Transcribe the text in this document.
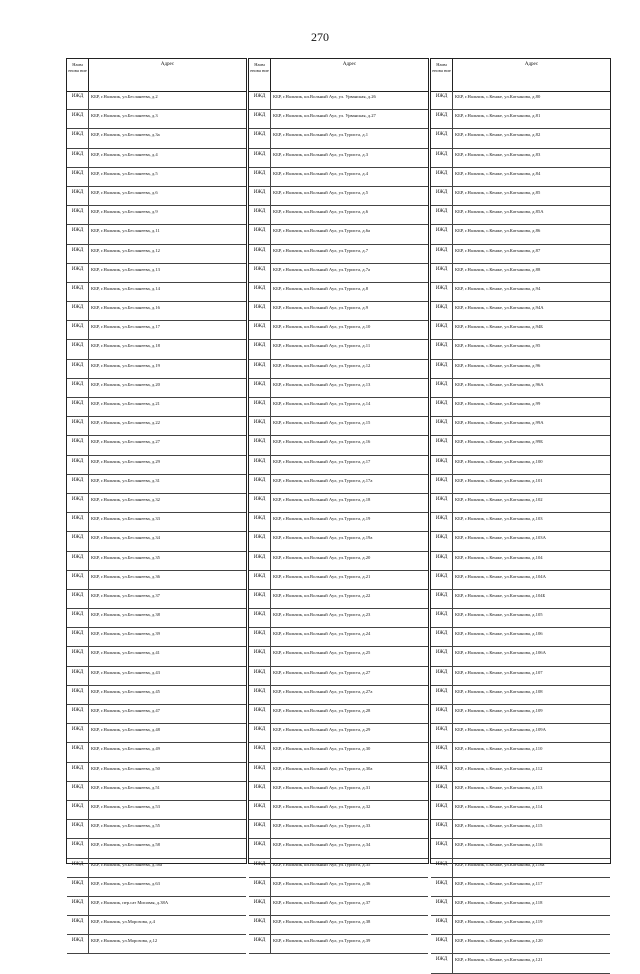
270
Наим енова ние
Адрес
ИЖД	КБР, г.Нальчик, ул.Бесланеева, д.2
ИЖД	КБР, г.Нальчик, ул.Бесланеева, д.3
ИЖД	КБР, г.Нальчик, ул.Бесланеева, д.3а
ИЖД	КБР, г.Нальчик, ул.Бесланеева, д.4
ИЖД	КБР, г.Нальчик, ул.Бесланеева, д.5
ИЖД	КБР, г.Нальчик, ул.Бесланеева, д.6
ИЖД	КБР, г.Нальчик, ул.Бесланеева, д.9
ИЖД	КБР, г.Нальчик, ул.Бесланеева, д.11
ИЖД	КБР, г.Нальчик, ул.Бесланеева, д.12
ИЖД	КБР, г.Нальчик, ул.Бесланеева, д.13
ИЖД	КБР, г.Нальчик, ул.Бесланеева, д.14
ИЖД	КБР, г.Нальчик, ул.Бесланеева, д.16
ИЖД	КБР, г.Нальчик, ул.Бесланеева, д.17
ИЖД	КБР, г.Нальчик, ул.Бесланеева, д.18
ИЖД	КБР, г.Нальчик, ул.Бесланеева, д.19
ИЖД	КБР, г.Нальчик, ул.Бесланеева, д.20
ИЖД	КБР, г.Нальчик, ул.Бесланеева, д.21
ИЖД	КБР, г.Нальчик, ул.Бесланеева, д.22
ИЖД	КБР, г.Нальчик, ул.Бесланеева, д.27
ИЖД	КБР, г.Нальчик, ул.Бесланеева, д.29
ИЖД	КБР, г.Нальчик, ул.Бесланеева, д.31
ИЖД	КБР, г.Нальчик, ул.Бесланеева, д.32
ИЖД	КБР, г.Нальчик, ул.Бесланеева, д.33
ИЖД	КБР, г.Нальчик, ул.Бесланеева, д.34
ИЖД	КБР, г.Нальчик, ул.Бесланеева, д.35
ИЖД	КБР, г.Нальчик, ул.Бесланеева, д.36
ИЖД	КБР, г.Нальчик, ул.Бесланеева, д.37
ИЖД	КБР, г.Нальчик, ул.Бесланеева, д.38
ИЖД	КБР, г.Нальчик, ул.Бесланеева, д.39
ИЖД	КБР, г.Нальчик, ул.Бесланеева, д.41
ИЖД	КБР, г.Нальчик, ул.Бесланеева, д.43
ИЖД	КБР, г.Нальчик, ул.Бесланеева, д.45
ИЖД	КБР, г.Нальчик, ул.Бесланеева, д.47
ИЖД	КБР, г.Нальчик, ул.Бесланеева, д.48
ИЖД	КБР, г.Нальчик, ул.Бесланеева, д.49
ИЖД	КБР, г.Нальчик, ул.Бесланеева, д.50
ИЖД	КБР, г.Нальчик, ул.Бесланеева, д.51
ИЖД	КБР, г.Нальчик, ул.Бесланеева, д.53
ИЖД	КБР, г.Нальчик, ул.Бесланеева, д.55
ИЖД	КБР, г.Нальчик, ул.Бесланеева, д.58
ИЖД	КБР, г.Нальчик, ул.Бесланеева, д.58а
ИЖД	КБР, г.Нальчик, ул.Бесланеева, д.63
ИЖД	КБР, г.Нальчик, пер.сат Мисовая, д.38А
ИЖД	КБР, г.Нальчик, ул.Морозова, д.4
ИЖД	КБР, г.Нальчик, ул.Морозова, д.12
Наим енова ние
Адрес
ИЖД	КБР, г.Нальчик, кп.Вольный Аул, ул. Урванская, д.26
ИЖД	КБР, г.Нальчик, кп.Вольный Аул, ул. Урванская, д.27
ИЖД	КБР, г.Нальчик, кп.Вольный Аул, ул.Туриста, д.1
ИЖД	КБР, г.Нальчик, кп.Вольный Аул, ул.Туриста, д.3
ИЖД	КБР, г.Нальчик, кп.Вольный Аул, ул.Туриста, д.4
ИЖД	КБР, г.Нальчик, кп.Вольный Аул, ул.Туриста, д.5
ИЖД	КБР, г.Нальчик, кп.Вольный Аул, ул.Туриста, д.6
ИЖД	КБР, г.Нальчик, кп.Вольный Аул, ул.Туриста, д.6а
ИЖД	КБР, г.Нальчик, кп.Вольный Аул, ул.Туриста, д.7
ИЖД	КБР, г.Нальчик, кп.Вольный Аул, ул.Туриста, д.7а
ИЖД	КБР, г.Нальчик, кп.Вольный Аул, ул.Туриста, д.8
ИЖД	КБР, г.Нальчик, кп.Вольный Аул, ул.Туриста, д.9
ИЖД	КБР, г.Нальчик, кп.Вольный Аул, ул.Туриста, д.10
ИЖД	КБР, г.Нальчик, кп.Вольный Аул, ул.Туриста, д.11
ИЖД	КБР, г.Нальчик, кп.Вольный Аул, ул.Туриста, д.12
ИЖД	КБР, г.Нальчик, кп.Вольный Аул, ул.Туриста, д.13
ИЖД	КБР, г.Нальчик, кп.Вольный Аул, ул.Туриста, д.14
ИЖД	КБР, г.Нальчик, кп.Вольный Аул, ул.Туриста, д.15
ИЖД	КБР, г.Нальчик, кп.Вольный Аул, ул.Туриста, д.16
ИЖД	КБР, г.Нальчик, кп.Вольный Аул, ул.Туриста, д.17
ИЖД	КБР, г.Нальчик, кп.Вольный Аул, ул.Туриста, д.17а
ИЖД	КБР, г.Нальчик, кп.Вольный Аул, ул.Туриста, д.18
ИЖД	КБР, г.Нальчик, кп.Вольный Аул, ул.Туриста, д.19
ИЖД	КБР, г.Нальчик, кп.Вольный Аул, ул.Туриста, д.19а
ИЖД	КБР, г.Нальчик, кп.Вольный Аул, ул.Туриста, д.20
ИЖД	КБР, г.Нальчик, кп.Вольный Аул, ул.Туриста, д.21
ИЖД	КБР, г.Нальчик, кп.Вольный Аул, ул.Туриста, д.22
ИЖД	КБР, г.Нальчик, кп.Вольный Аул, ул.Туриста, д.23
ИЖД	КБР, г.Нальчик, кп.Вольный Аул, ул.Туриста, д.24
ИЖД	КБР, г.Нальчик, кп.Вольный Аул, ул.Туриста, д.25
ИЖД	КБР, г.Нальчик, кп.Вольный Аул, ул.Туриста, д.27
ИЖД	КБР, г.Нальчик, кп.Вольный Аул, ул.Туриста, д.27а
ИЖД	КБР, г.Нальчик, кп.Вольный Аул, ул.Туриста, д.28
ИЖД	КБР, г.Нальчик, кп.Вольный Аул, ул.Туриста, д.29
ИЖД	КБР, г.Нальчик, кп.Вольный Аул, ул.Туриста, д.30
ИЖД	КБР, г.Нальчик, кп.Вольный Аул, ул.Туриста, д.30а
ИЖД	КБР, г.Нальчик, кп.Вольный Аул, ул.Туриста, д.31
ИЖД	КБР, г.Нальчик, кп.Вольный Аул, ул.Туриста, д.32
ИЖД	КБР, г.Нальчик, кп.Вольный Аул, ул.Туриста, д.33
ИЖД	КБР, г.Нальчик, кп.Вольный Аул, ул.Туриста, д.34
ИЖД	КБР, г.Нальчик, кп.Вольный Аул, ул.Туриста, д.35
ИЖД	КБР, г.Нальчик, кп.Вольный Аул, ул.Туриста, д.36
ИЖД	КБР, г.Нальчик, кп.Вольный Аул, ул.Туриста, д.37
ИЖД	КБР, г.Нальчик, кп.Вольный Аул, ул.Туриста, д.38
ИЖД	КБР, г.Нальчик, кп.Вольный Аул, ул.Туриста, д.39
Наим енова ние
Адрес
ИЖД	КБР, г.Нальчик, с.Кенже, ул.Катханова, д.80
ИЖД	КБР, г.Нальчик, с.Кенже, ул.Катханова, д.81
ИЖД	КБР, г.Нальчик, с.Кенже, ул.Катханова, д.82
ИЖД	КБР, г.Нальчик, с.Кенже, ул.Катханова, д.83
ИЖД	КБР, г.Нальчик, с.Кенже, ул.Катханова, д.84
ИЖД	КБР, г.Нальчик, с.Кенже, ул.Катханова, д.85
ИЖД	КБР, г.Нальчик, с.Кенже, ул.Катханова, д.85А
ИЖД	КБР, г.Нальчик, с.Кенже, ул.Катханова, д.86
ИЖД	КБР, г.Нальчик, с.Кенже, ул.Катханова, д.87
ИЖД	КБР, г.Нальчик, с.Кенже, ул.Катханова, д.88
ИЖД	КБР, г.Нальчик, с.Кенже, ул.Катханова, д.94
ИЖД	КБР, г.Нальчик, с.Кенже, ул.Катханова, д.94А
ИЖД	КБР, г.Нальчик, с.Кенже, ул.Катханова, д.94Б
ИЖД	КБР, г.Нальчик, с.Кенже, ул.Катханова, д.95
ИЖД	КБР, г.Нальчик, с.Кенже, ул.Катханова, д.96
ИЖД	КБР, г.Нальчик, с.Кенже, ул.Катханова, д.96А
ИЖД	КБР, г.Нальчик, с.Кенже, ул.Катханова, д.99
ИЖД	КБР, г.Нальчик, с.Кенже, ул.Катханова, д.99А
ИЖД	КБР, г.Нальчик, с.Кенже, ул.Катханова, д.99Б
ИЖД	КБР, г.Нальчик, с.Кенже, ул.Катханова, д.100
ИЖД	КБР, г.Нальчик, с.Кенже, ул.Катханова, д.101
ИЖД	КБР, г.Нальчик, с.Кенже, ул.Катханова, д.102
ИЖД	КБР, г.Нальчик, с.Кенже, ул.Катханова, д.103
ИЖД	КБР, г.Нальчик, с.Кенже, ул.Катханова, д.103А
ИЖД	КБР, г.Нальчик, с.Кенже, ул.Катханова, д.104
ИЖД	КБР, г.Нальчик, с.Кенже, ул.Катханова, д.104А
ИЖД	КБР, г.Нальчик, с.Кенже, ул.Катханова, д.104Б
ИЖД	КБР, г.Нальчик, с.Кенже, ул.Катханова, д.105
ИЖД	КБР, г.Нальчик, с.Кенже, ул.Катханова, д.106
ИЖД	КБР, г.Нальчик, с.Кенже, ул.Катханова, д.106А
ИЖД	КБР, г.Нальчик, с.Кенже, ул.Катханова, д.107
ИЖД	КБР, г.Нальчик, с.Кенже, ул.Катханова, д.108
ИЖД	КБР, г.Нальчик, с.Кенже, ул.Катханова, д.109
ИЖД	КБР, г.Нальчик, с.Кенже, ул.Катханова, д.109А
ИЖД	КБР, г.Нальчик, с.Кенже, ул.Катханова, д.110
ИЖД	КБР, г.Нальчик, с.Кенже, ул.Катханова, д.112
ИЖД	КБР, г.Нальчик, с.Кенже, ул.Катханова, д.113
ИЖД	КБР, г.Нальчик, с.Кенже, ул.Катханова, д.114
ИЖД	КБР, г.Нальчик, с.Кенже, ул.Катханова, д.115
ИЖД	КБР, г.Нальчик, с.Кенже, ул.Катханова, д.116
ИЖД	КБР, г.Нальчик, с.Кенже, ул.Катханова, д.116а
ИЖД	КБР, г.Нальчик, с.Кенже, ул.Катханова, д.117
ИЖД	КБР, г.Нальчик, с.Кенже, ул.Катханова, д.118
ИЖД	КБР, г.Нальчик, с.Кенже, ул.Катханова, д.119
ИЖД	КБР, г.Нальчик, с.Кенже, ул.Катханова, д.120
ИЖД	КБР, г.Нальчик, с.Кенже, ул.Катханова, д.121
